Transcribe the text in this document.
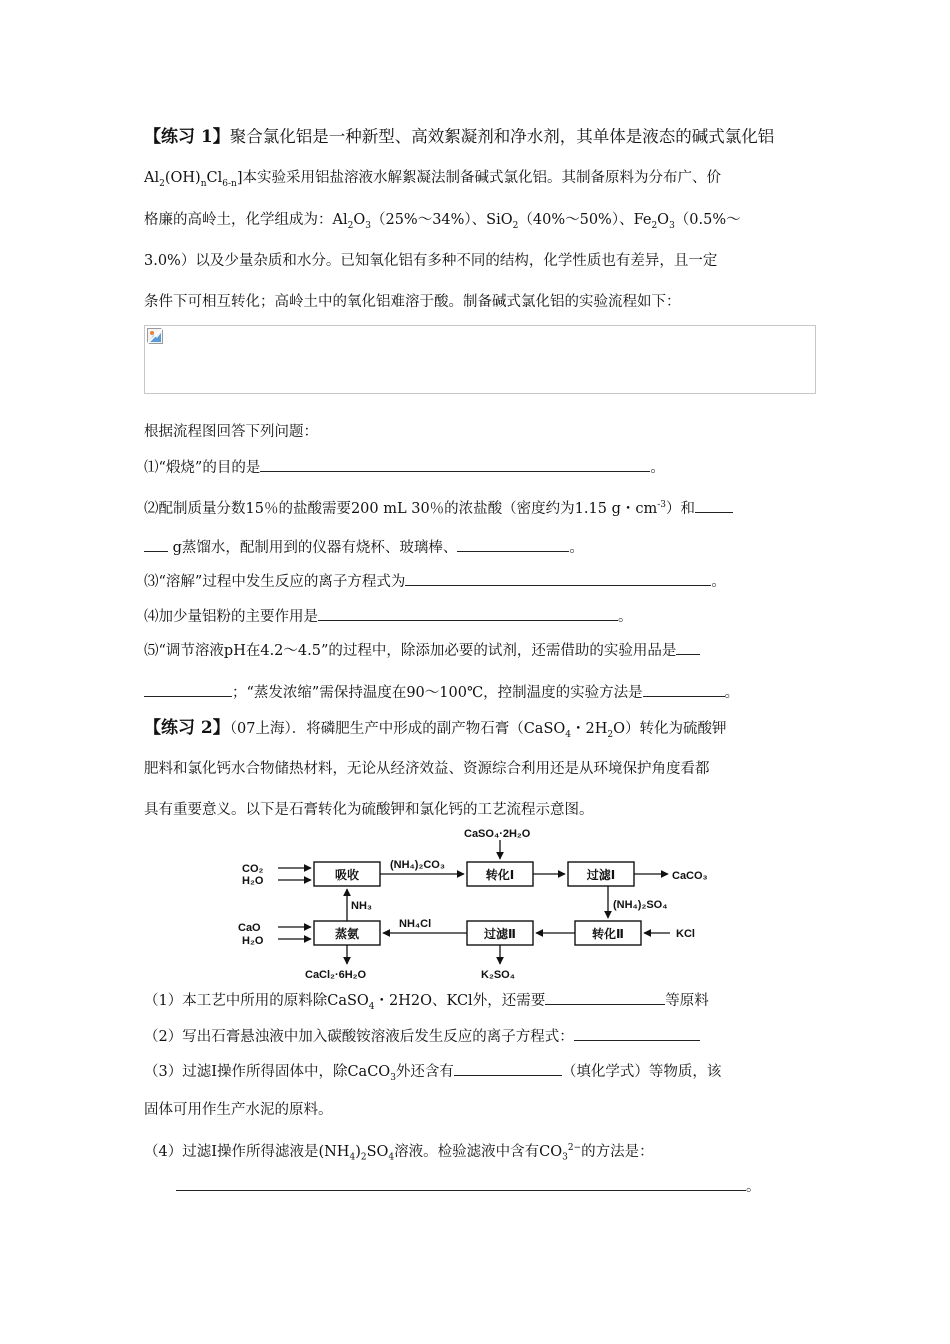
【练习 1】聚合氯化铝是一种新型、高效絮凝剂和净水剂，其单体是液态的碱式氯化铝
$Al_2(OH)_nCl_{6-n}$]本实验采用铝盐溶液水解絮凝法制备碱式氯化铝。其制备原料为分布广、价
格廉的高岭土，化学组成为：$Al_2O_3(25\%\sim 34\%)$、SiO$_2$（40%～50%）、$Fe_2O_3(0.5\%\sim$
3.0%）以及少量杂质和水分。已知氧化铝有多种不同的结构，化学性质也有差异，且一定
条件下可相互转化；高岭土中的氧化铝难溶于酸。制备碱式氯化铝的实验流程如下：
根据流程图回答下列问题：
⑴“煅烧”的目的是	。
⑵配制质量分数15％的盐酸需要200 mL 30％的浓盐酸（密度约为1.15 g・$cm^{-3}$）和
g蒸馏水，配制用到的仪器有烧杯、玻璃棒、	。
⑶“溶解”过程中发生反应的离子方程式为	。
⑷加少量铝粉的主要作用是	。
⑸“调节溶液pH在4.2～4.5”的过程中，除添加必要的试剂，还需借助的实验用品是
；“蒸发浓缩”需保持温度在90～100℃，控制温度的实验方法是	。
【练习 2】（07上海）．将磷肥生产中形成的副产物石膏（CaSO$_4$・$2H_2O$）转化为硫酸钾
肥料和氯化钙水合物储热材料，无论从经济效益、资源综合利用还是从环境保护角度看都
具有重要意义。以下是石膏转化为硫酸钾和氯化钙的工艺流程示意图。
吸收	转化Ⅰ	过滤Ⅰ
蒸氨	过滤Ⅱ	转化Ⅱ
CO₂
H₂O
CaO
H₂O
NH₃
(NH₄)₂CO₃
CaSO₄·2H₂O
CaCO₃
(NH₄)₂SO₄
KCl
NH₄Cl
CaCl₂·6H₂O	K₂SO₄
（1）本工艺中所用的原料除CaSO$_4$・2H2O、KCl外，还需要	等原料
（2）写出石膏悬浊液中加入碳酸铵溶液后发生反应的离子方程式：
（3）过滤Ⅰ操作所得固体中，除CaCO$_3$外还含有	（填化学式）等物质，该
固体可用作生产水泥的原料。
（4）过滤Ⅰ操作所得滤液是$(NH_4)_2SO_4$溶液。检验滤液中含有$CO_3^{2-}$的方法是：
。
